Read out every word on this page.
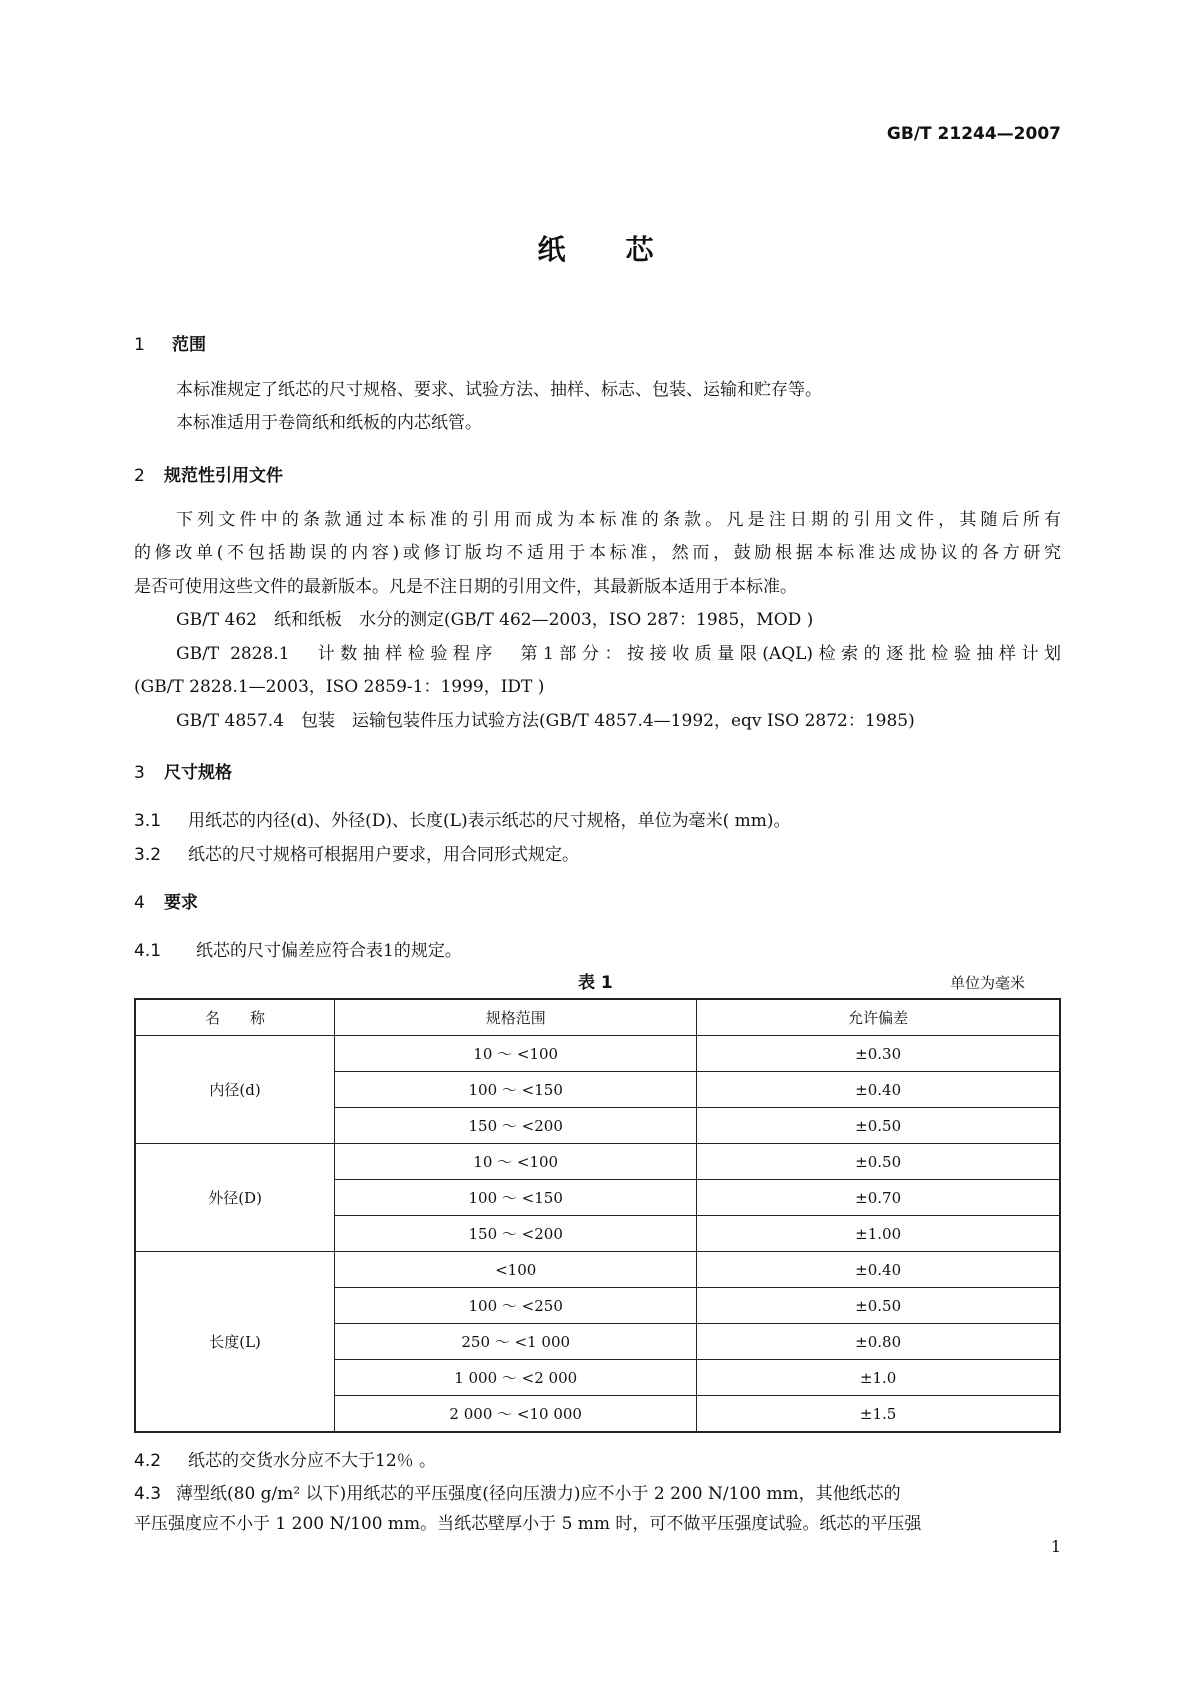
GB/T 21244—2007
纸 芯
1 范围
本标准规定了纸芯的尺寸规格、要求、试验方法、抽样、标志、包装、运输和贮存等。
本标准适用于卷筒纸和纸板的内芯纸管。
2 规范性引用文件
下列文件中的条款通过本标准的引用而成为本标准的条款。凡是注日期的引用文件，其随后所有
的修改单(不包括勘误的内容)或修订版均不适用于本标准，然而，鼓励根据本标准达成协议的各方研究
是否可使用这些文件的最新版本。凡是不注日期的引用文件，其最新版本适用于本标准。
GB/T 462　纸和纸板　水分的测定(GB/T 462—2003，ISO 287：1985，MOD )
GB/T 2828.1　计数抽样检验程序　第1部分：按接收质量限(AQL)检索的逐批检验抽样计划
(GB/T 2828.1—2003，ISO 2859-1：1999，IDT )
GB/T 4857.4　包装　运输包装件压力试验方法(GB/T 4857.4—1992，eqv ISO 2872：1985)
3 尺寸规格
3.1 用纸芯的内径(d)、外径(D)、长度(L)表示纸芯的尺寸规格，单位为毫米( mm)。
3.2 纸芯的尺寸规格可根据用户要求，用合同形式规定。
4 要求
4.1 纸芯的尺寸偏差应符合表1的规定。
表 1	单位为毫米
名　　称	规格范围	允许偏差
内径(d)	10 ～ <100	±0.30
	100 ～ <150	±0.40
	150 ～ <200	±0.50
外径(D)	10 ～ <100	±0.50
	100 ～ <150	±0.70
	150 ～ <200	±1.00
长度(L)	<100	±0.40
	100 ～ <250	±0.50
	250 ～ <1 000	±0.80
	1 000 ～ <2 000	±1.0
	2 000 ～ <10 000	±1.5
4.2 纸芯的交货水分应不大于12％ 。
4.3 薄型纸(80 g/m² 以下)用纸芯的平压强度(径向压溃力)应不小于 2 200 N/100 mm，其他纸芯的
平压强度应不小于 1 200 N/100 mm。当纸芯壁厚小于 5 mm 时，可不做平压强度试验。纸芯的平压强
1
